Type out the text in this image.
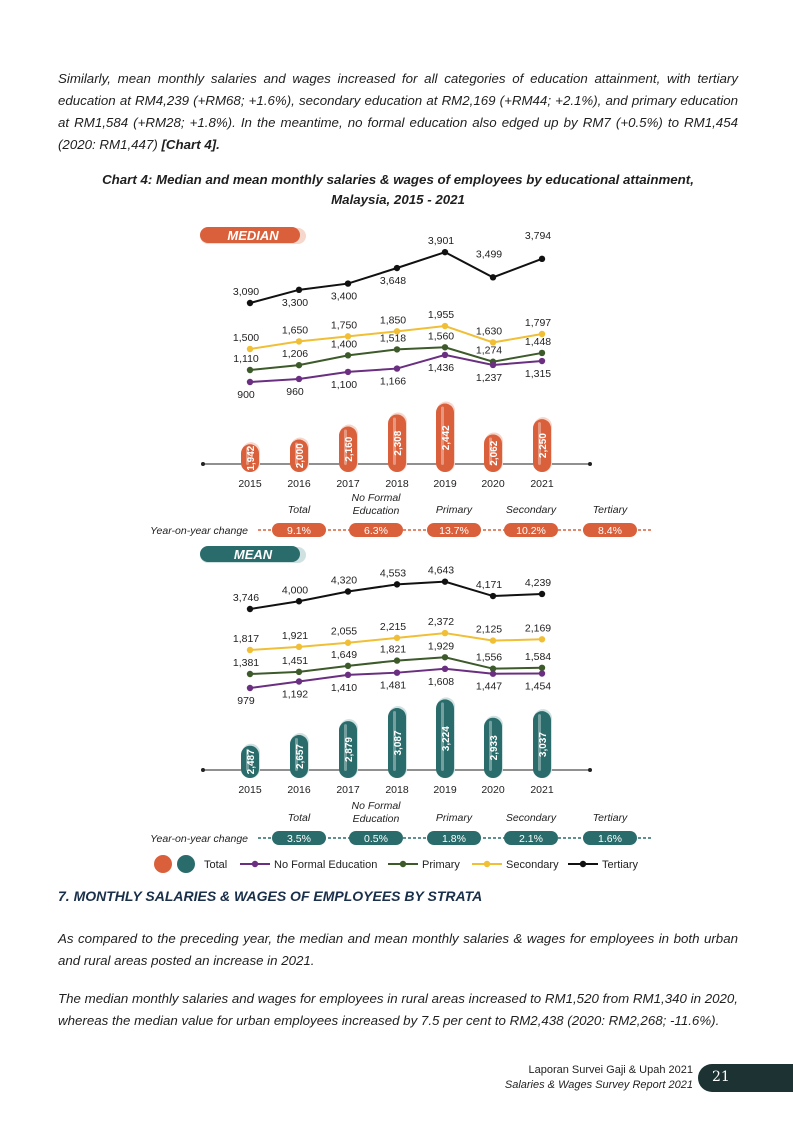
Similarly, mean monthly salaries and wages increased for all categories of education attainment, with tertiary education at RM4,239 (+RM68; +1.6%), secondary education at RM2,169 (+RM44; +2.1%), and primary education at RM1,584 (+RM28; +1.8%). In the meantime, no formal education also edged up by RM7 (+0.5%) to RM1,454 (2020: RM1,447) [Chart 4].

Chart 4: Median and mean monthly salaries & wages of employees by educational attainment,
Malaysia, 2015 - 2021
MEDIAN
1,942	2,000	2,160	2,308	2,442
2,062	2,250
2015 2016 2017 2018 2019 2020 2021
3,090
3,300
3,400
3,648
3,901
3,499
3,794
1,500
1,650 1,750 1,850 1,955
1,630
1,797
1,110 1,206
1,400 1,518 1,560
1,274
1,448
900	960
1,100 1,166
1,436
1,237 1,315
Year-on-year change	9.1%
Total
6.3%
No Formal
Education
13.7%
Primary
10.2%
Secondary
8.4%
Tertiary
MEAN
2,487	2,657	2,879	3,087	3,224	2,933	3,037
2015 2016 2017 2018 2019 2020 2021
3,746
4,000
4,320
4,553 4,643
4,171 4,239
1,817 1,921 2,055 2,215 2,372
2,125 2,169
1,381 1,451
1,649 1,821 1,929
1,556 1,584
979
1,192
1,410 1,481 1,608 1,447 1,454
Year-on-year change	3.5%
Total
0.5%
No Formal
Education
1.8%
Primary
2.1%
Secondary
1.6%
Tertiary
Total	No Formal Education	Primary	Secondary	Tertiary
7. MONTHLY SALARIES & WAGES OF EMPLOYEES BY STRATA

As compared to the preceding year, the median and mean monthly salaries & wages for employees in both urban and rural areas posted an increase in 2021.

The median monthly salaries and wages for employees in rural areas increased to RM1,520 from RM1,340 in 2020, whereas the median value for urban employees increased by 7.5 per cent to RM2,438 (2020: RM2,268; -11.6%).

Laporan Survei Gaji & Upah 2021
Salaries & Wages Survey Report 2021 21
